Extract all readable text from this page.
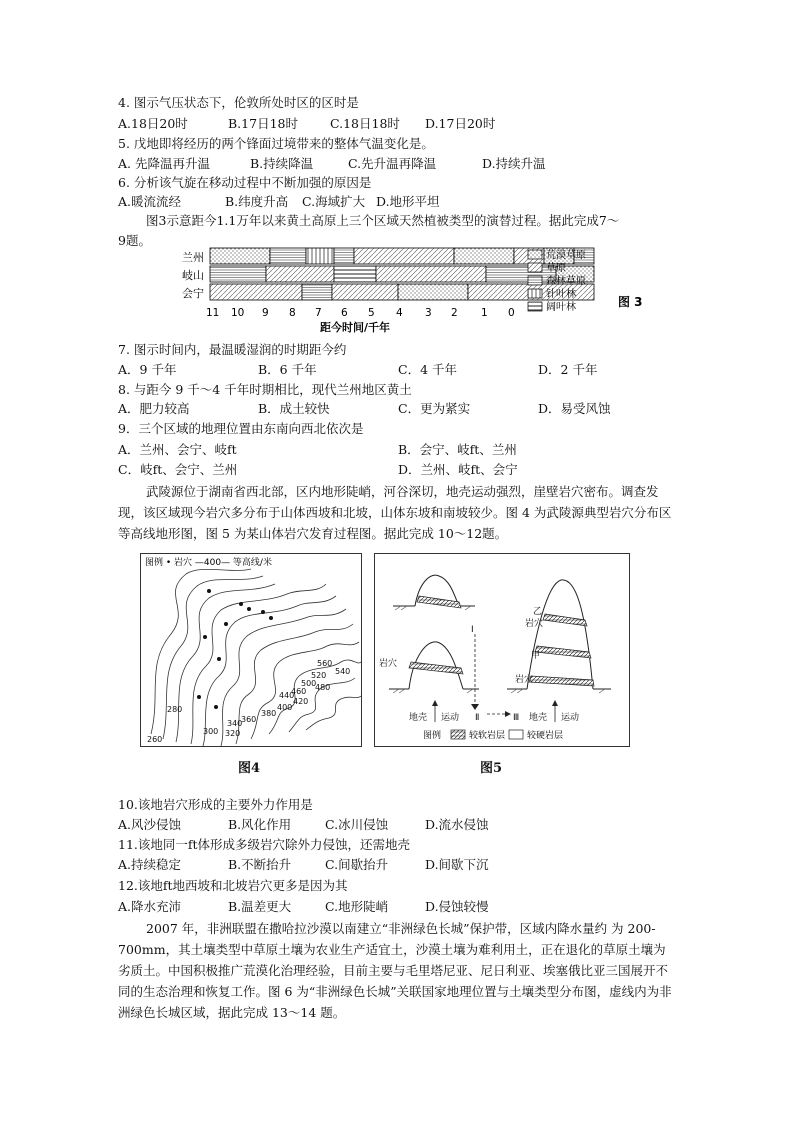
4. 图示气压状态下，伦敦所处时区的区时是
A.18日20时	B.17日18时	C.18日18时 D.17日20时
5. 戊地即将经历的两个锋面过境带来的整体气温变化是。
A. 先降温再升温	B.持续降温	C.先升温再降温	D.持续升温
6. 分析该气旋在移动过程中不断加强的原因是
A.暖流流经	B.纬度升高 C.海域扩大 D.地形平坦
图3示意距今1.1万年以来黄土高原上三个区域天然植被类型的演替过程。据此完成7～
9题。
兰州
岐山
会宁
11 10 9 8 7 6 5 4 3 2 1 0
距今时间/千年
荒漠草原
草原
森林草原
针叶林
阔叶林	图 3
7. 图示时间内，最温暖湿润的时期距今约
A．9 千年	B．6 千年	C．4 千年	D．2 千年
8. 与距今 9 千～4 千年时期相比，现代兰州地区黄土
A．肥力较高	B．成土较快	C．更为紧实	D．易受风蚀
9．三个区域的地理位置由东南向西北依次是
A．兰州、会宁、岐ft	B．会宁、岐ft、兰州
C．岐ft、会宁、兰州	D．兰州、岐ft、会宁
武陵源位于湖南省西北部，区内地形陡峭，河谷深切，地壳运动强烈，崖壁岩穴密布。调查发现，该区域现今岩穴多分布于山体西坡和北坡，山体东坡和南坡较少。图 4 为武陵源典型岩穴分布区等高线地形图，图 5 为某山体岩穴发育过程图。据此完成 10～12题。
图例 • 岩穴 —400— 等高线/米
560
540
520
500
480
460
440
420
400
380
360
340
320
300
280
260
岩穴
岩穴
岩穴
乙
甲
Ⅰ
Ⅱ	Ⅲ
地壳 运动	地壳 运动
图例	较软岩层 较硬岩层
图4	图5
10.该地岩穴形成的主要外力作用是
A.风沙侵蚀	B.风化作用	C.冰川侵蚀	D.流水侵蚀
11.该地同一ft体形成多级岩穴除外力侵蚀，还需地壳
A.持续稳定	B.不断抬升	C.间歇抬升	D.间歇下沉
12.该地ft地西坡和北坡岩穴更多是因为其
A.降水充沛	B.温差更大	C.地形陡峭	D.侵蚀较慢
2007 年，非洲联盟在撒哈拉沙漠以南建立“非洲绿色长城”保护带，区域内降水量约 为 200-700mm，其土壤类型中草原土壤为农业生产适宜土，沙漠土壤为难利用土，正在退化的草原土壤为劣质土。中国积极推广荒漠化治理经验，目前主要与毛里塔尼亚、尼日利亚、埃塞俄比亚三国展开不同的生态治理和恢复工作。图 6 为“非洲绿色长城”关联国家地理位置与土壤类型分布图，虚线内为非洲绿色长城区域，据此完成 13～14 题。
